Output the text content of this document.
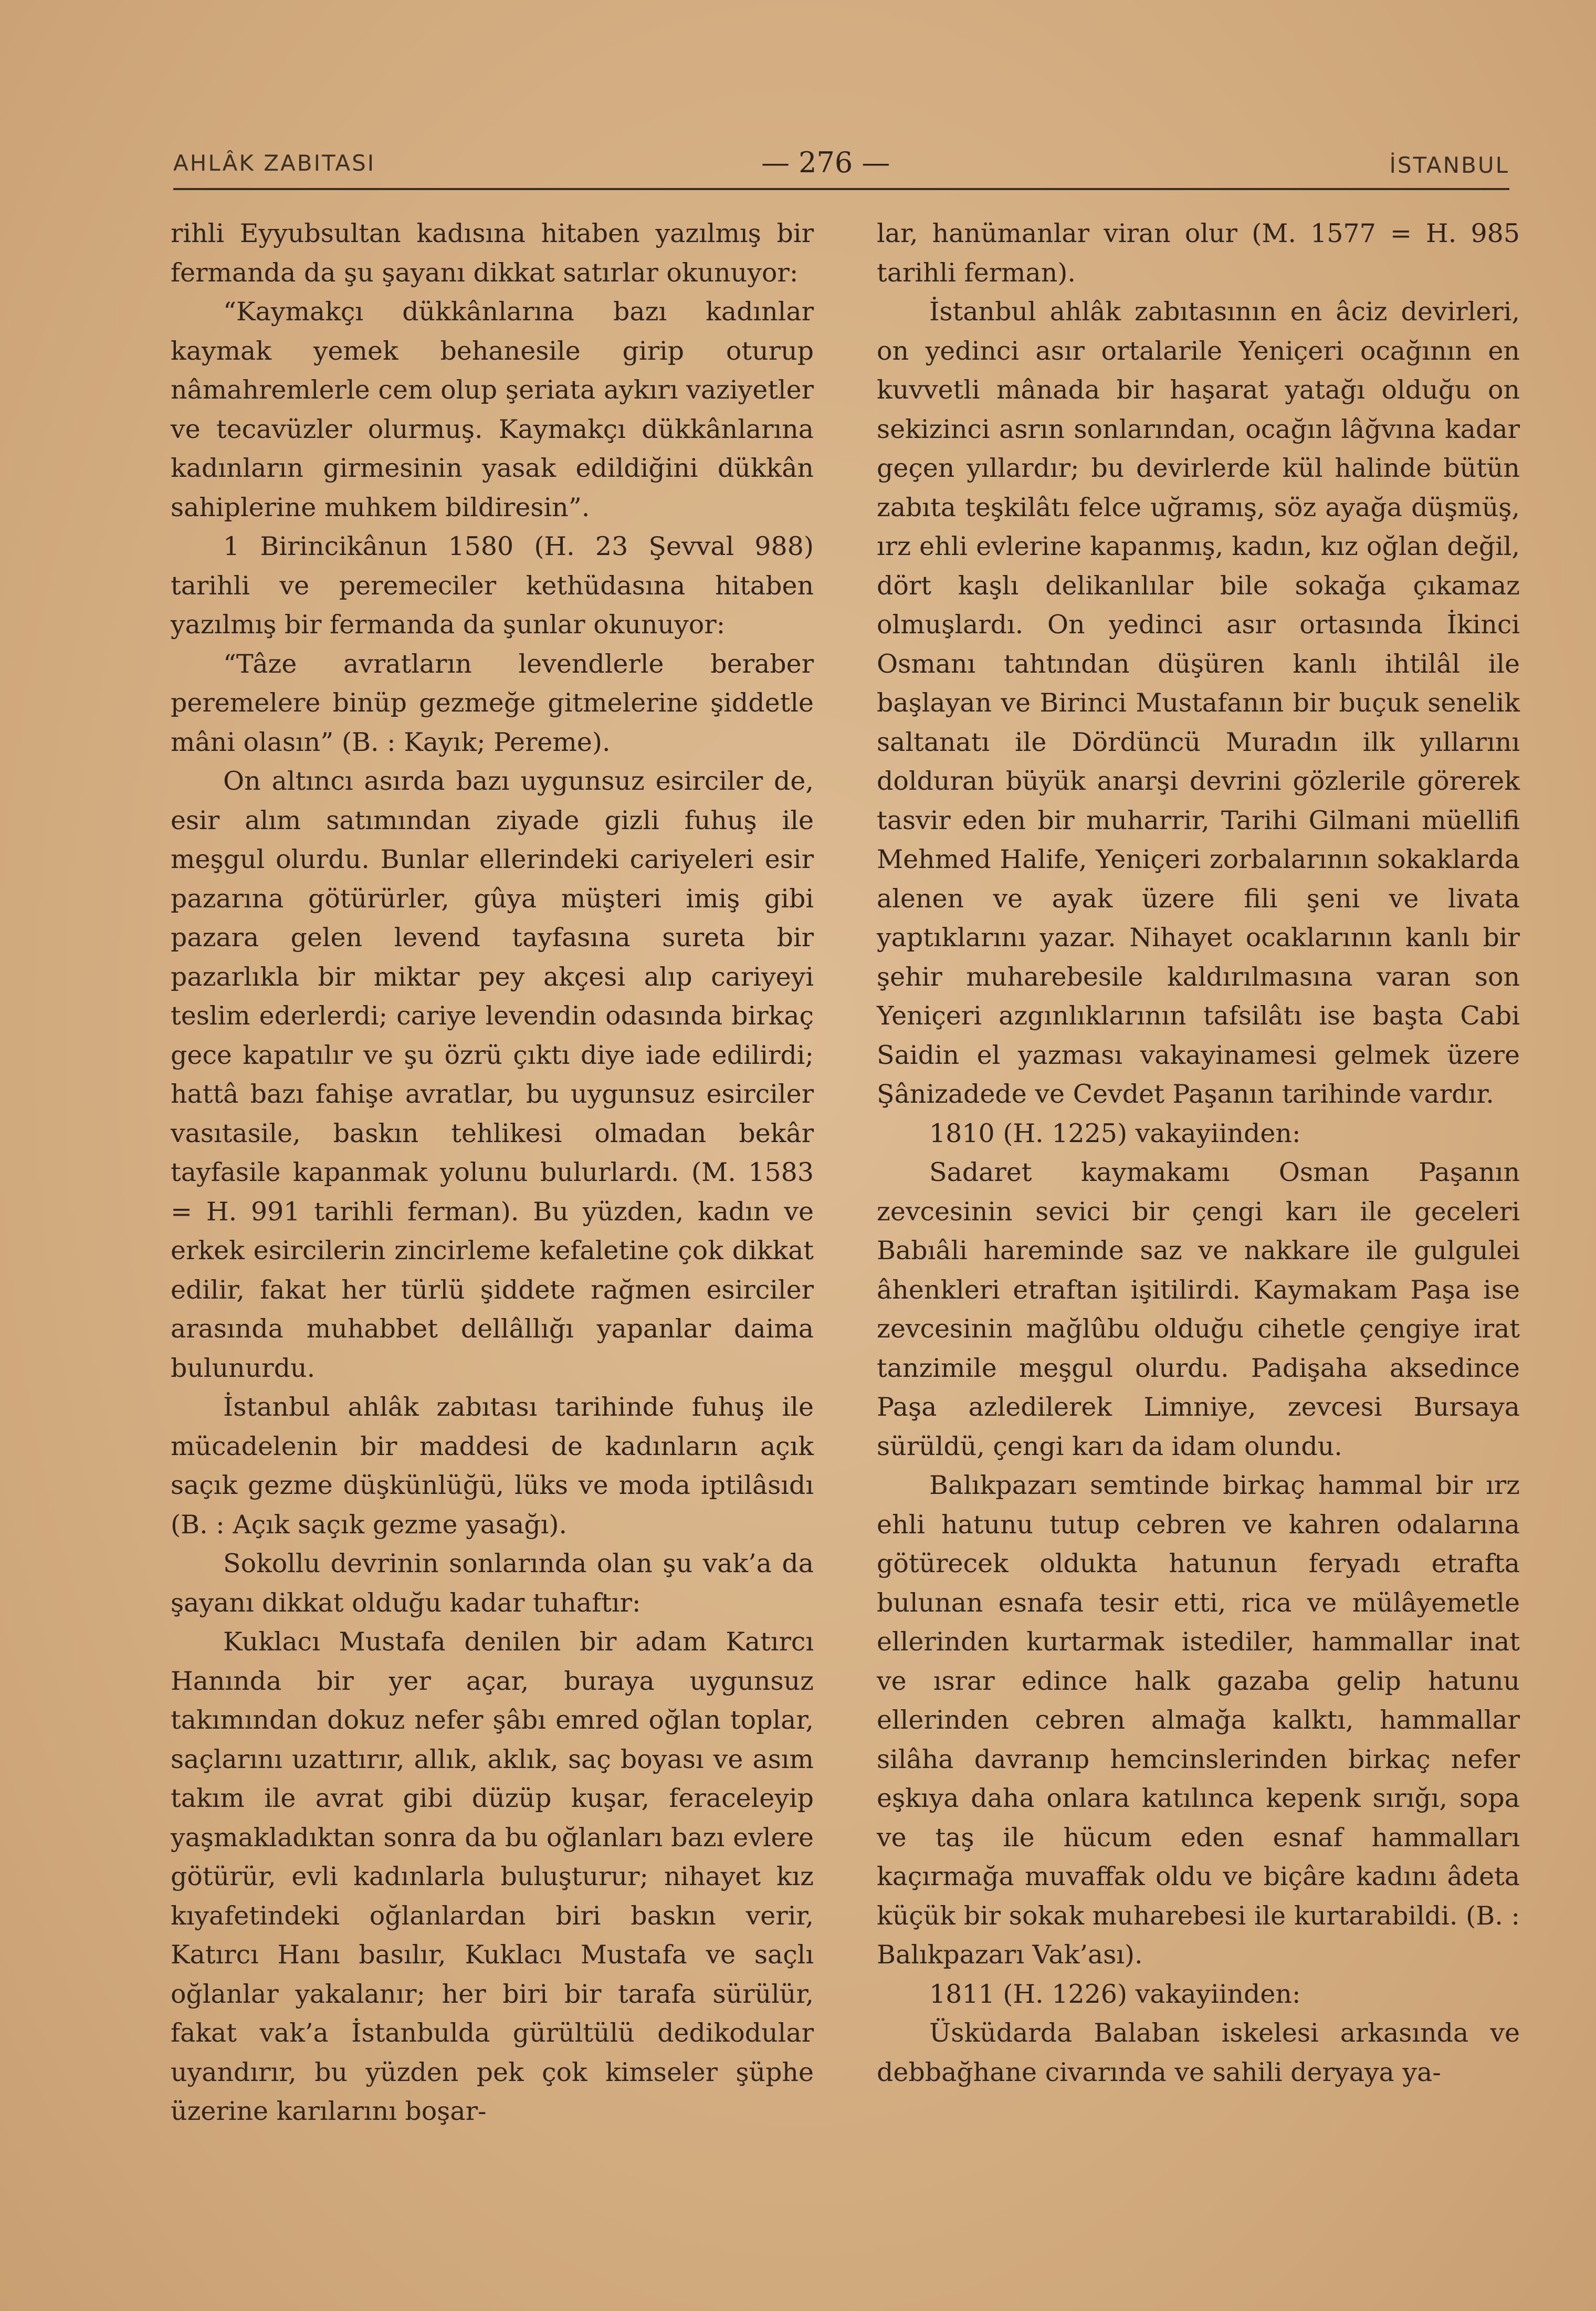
AHLÂK ZABITASI	— 276 —	İSTANBUL

rihli Eyyubsultan kadısına hitaben yazılmış bir fermanda da şu şayanı dikkat satırlar okunuyor:

“Kaymakçı dükkânlarına bazı kadınlar kaymak yemek behanesile girip oturup nâmahremlerle cem olup şeriata aykırı vaziyetler ve tecavüzler olurmuş. Kaymakçı dükkânlarına kadınların girmesinin yasak edildiğini dükkân sahiplerine muhkem bildiresin”.

1 Birincikânun 1580 (H. 23 Şevval 988) tarihli ve peremeciler kethüdasına hitaben yazılmış bir fermanda da şunlar okunuyor:

“Tâze avratların levendlerle beraber peremelere binüp gezmeğe gitmelerine şiddetle mâni olasın” (B. : Kayık; Pereme).

On altıncı asırda bazı uygunsuz esirciler de, esir alım satımından ziyade gizli fuhuş ile meşgul olurdu. Bunlar ellerindeki cariyeleri esir pazarına götürürler, gûya müşteri imiş gibi pazara gelen levend tayfasına sureta bir pazarlıkla bir miktar pey akçesi alıp cariyeyi teslim ederlerdi; cariye levendin odasında birkaç gece kapatılır ve şu özrü çıktı diye iade edilirdi; hattâ bazı fahişe avratlar, bu uygunsuz esirciler vasıtasile, baskın tehlikesi olmadan bekâr tayfasile kapanmak yolunu bulurlardı. (M. 1583 = H. 991 tarihli ferman). Bu yüzden, kadın ve erkek esircilerin zincirleme kefaletine çok dikkat edilir, fakat her türlü şiddete rağmen esirciler arasında muhabbet dellâllığı yapanlar daima bulunurdu.

İstanbul ahlâk zabıtası tarihinde fuhuş ile mücadelenin bir maddesi de kadınların açık saçık gezme düşkünlüğü, lüks ve moda iptilâsıdı (B. : Açık saçık gezme yasağı).

Sokollu devrinin sonlarında olan şu vak’a da şayanı dikkat olduğu kadar tuhaftır:

Kuklacı Mustafa denilen bir adam Katırcı Hanında bir yer açar, buraya uygunsuz takımından dokuz nefer şâbı emred oğlan toplar, saçlarını uzattırır, allık, aklık, saç boyası ve asım takım ile avrat gibi düzüp kuşar, feraceleyip yaşmakladıktan sonra da bu oğlanları bazı evlere götürür, evli kadınlarla buluşturur; nihayet kız kıyafetindeki oğlanlardan biri baskın verir, Katırcı Hanı basılır, Kuklacı Mustafa ve saçlı oğlanlar yakalanır; her biri bir tarafa sürülür, fakat vak’a İstanbulda gürültülü dedikodular uyandırır, bu yüzden pek çok kimseler şüphe üzerine karılarını boşar-

lar, hanümanlar viran olur (M. 1577 = H. 985 tarihli ferman).

İstanbul ahlâk zabıtasının en âciz devirleri, on yedinci asır ortalarile Yeniçeri ocağının en kuvvetli mânada bir haşarat yatağı olduğu on sekizinci asrın sonlarından, ocağın lâğvına kadar geçen yıllardır; bu devirlerde kül halinde bütün zabıta teşkilâtı felce uğramış, söz ayağa düşmüş, ırz ehli evlerine kapanmış, kadın, kız oğlan değil, dört kaşlı delikanlılar bile sokağa çıkamaz olmuşlardı. On yedinci asır ortasında İkinci Osmanı tahtından düşüren kanlı ihtilâl ile başlayan ve Birinci Mustafanın bir buçuk senelik saltanatı ile Dördüncü Muradın ilk yıllarını dolduran büyük anarşi devrini gözlerile görerek tasvir eden bir muharrir, Tarihi Gilmani müellifi Mehmed Halife, Yeniçeri zorbalarının sokaklarda alenen ve ayak üzere fili şeni ve livata yaptıklarını yazar. Nihayet ocaklarının kanlı bir şehir muharebesile kaldırılmasına varan son Yeniçeri azgınlıklarının tafsilâtı ise başta Cabi Saidin el yazması vakayinamesi gelmek üzere Şânizadede ve Cevdet Paşanın tarihinde vardır.

1810 (H. 1225) vakayiinden:

Sadaret kaymakamı Osman Paşanın zevcesinin sevici bir çengi karı ile geceleri Babıâli hareminde saz ve nakkare ile gulgulei âhenkleri etraftan işitilirdi. Kaymakam Paşa ise zevcesinin mağlûbu olduğu cihetle çengiye irat tanzimile meşgul olurdu. Padişaha aksedince Paşa azledilerek Limniye, zevcesi Bursaya sürüldü, çengi karı da idam olundu.

Balıkpazarı semtinde birkaç hammal bir ırz ehli hatunu tutup cebren ve kahren odalarına götürecek oldukta hatunun feryadı etrafta bulunan esnafa tesir etti, rica ve mülâyemetle ellerinden kurtarmak istediler, hammallar inat ve ısrar edince halk gazaba gelip hatunu ellerinden cebren almağa kalktı, hammallar silâha davranıp hemcinslerinden birkaç nefer eşkıya daha onlara katılınca kepenk sırığı, sopa ve taş ile hücum eden esnaf hammalları kaçırmağa muvaffak oldu ve biçâre kadını âdeta küçük bir sokak muharebesi ile kurtarabildi. (B. : Balıkpazarı Vak’ası).

1811 (H. 1226) vakayiinden:

Üsküdarda Balaban iskelesi arkasında ve debbağhane civarında ve sahili deryaya ya-
